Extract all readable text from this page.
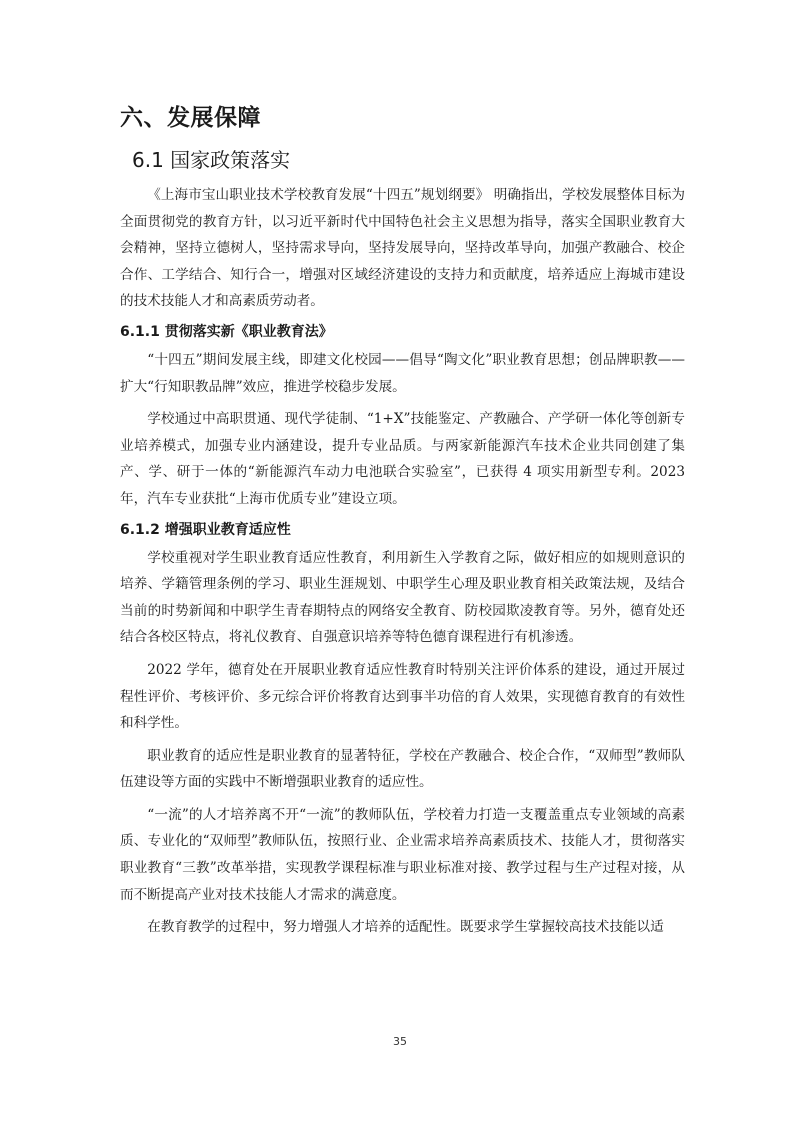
六、发展保障
6.1 国家政策落实

《上海市宝山职业技术学校教育发展“十四五”规划纲要》 明确指出，学校发展整体目标为全面贯彻党的教育方针，以习近平新时代中国特色社会主义思想为指导，落实全国职业教育大会精神，坚持立德树人，坚持需求导向，坚持发展导向，坚持改革导向，加强产教融合、校企合作、工学结合、知行合一，增强对区域经济建设的支持力和贡献度，培养适应上海城市建设的技术技能人才和高素质劳动者。

6.1.1 贯彻落实新《职业教育法》

“十四五”期间发展主线，即建文化校园——倡导“陶文化”职业教育思想；创品牌职教——扩大“行知职教品牌”效应，推进学校稳步发展。

学校通过中高职贯通、现代学徒制、“1+X”技能鉴定、产教融合、产学研一体化等创新专业培养模式，加强专业内涵建设，提升专业品质。与两家新能源汽车技术企业共同创建了集产、学、研于一体的“新能源汽车动力电池联合实验室”，已获得 4 项实用新型专利。2023 年，汽车专业获批“上海市优质专业”建设立项。

6.1.2 增强职业教育适应性

学校重视对学生职业教育适应性教育，利用新生入学教育之际，做好相应的如规则意识的培养、学籍管理条例的学习、职业生涯规划、中职学生心理及职业教育相关政策法规，及结合当前的时势新闻和中职学生青春期特点的网络安全教育、防校园欺凌教育等。另外，德育处还结合各校区特点，将礼仪教育、自强意识培养等特色德育课程进行有机渗透。

2022 学年，德育处在开展职业教育适应性教育时特别关注评价体系的建设，通过开展过程性评价、考核评价、多元综合评价将教育达到事半功倍的育人效果，实现德育教育的有效性和科学性。

职业教育的适应性是职业教育的显著特征，学校在产教融合、校企合作，“双师型”教师队伍建设等方面的实践中不断增强职业教育的适应性。

“一流”的人才培养离不开“一流”的教师队伍，学校着力打造一支覆盖重点专业领域的高素质、专业化的“双师型”教师队伍，按照行业、企业需求培养高素质技术、技能人才，贯彻落实职业教育“三教”改革举措，实现教学课程标准与职业标准对接、教学过程与生产过程对接，从而不断提高产业对技术技能人才需求的满意度。

在教育教学的过程中，努力增强人才培养的适配性。既要求学生掌握较高技术技能以适

35
